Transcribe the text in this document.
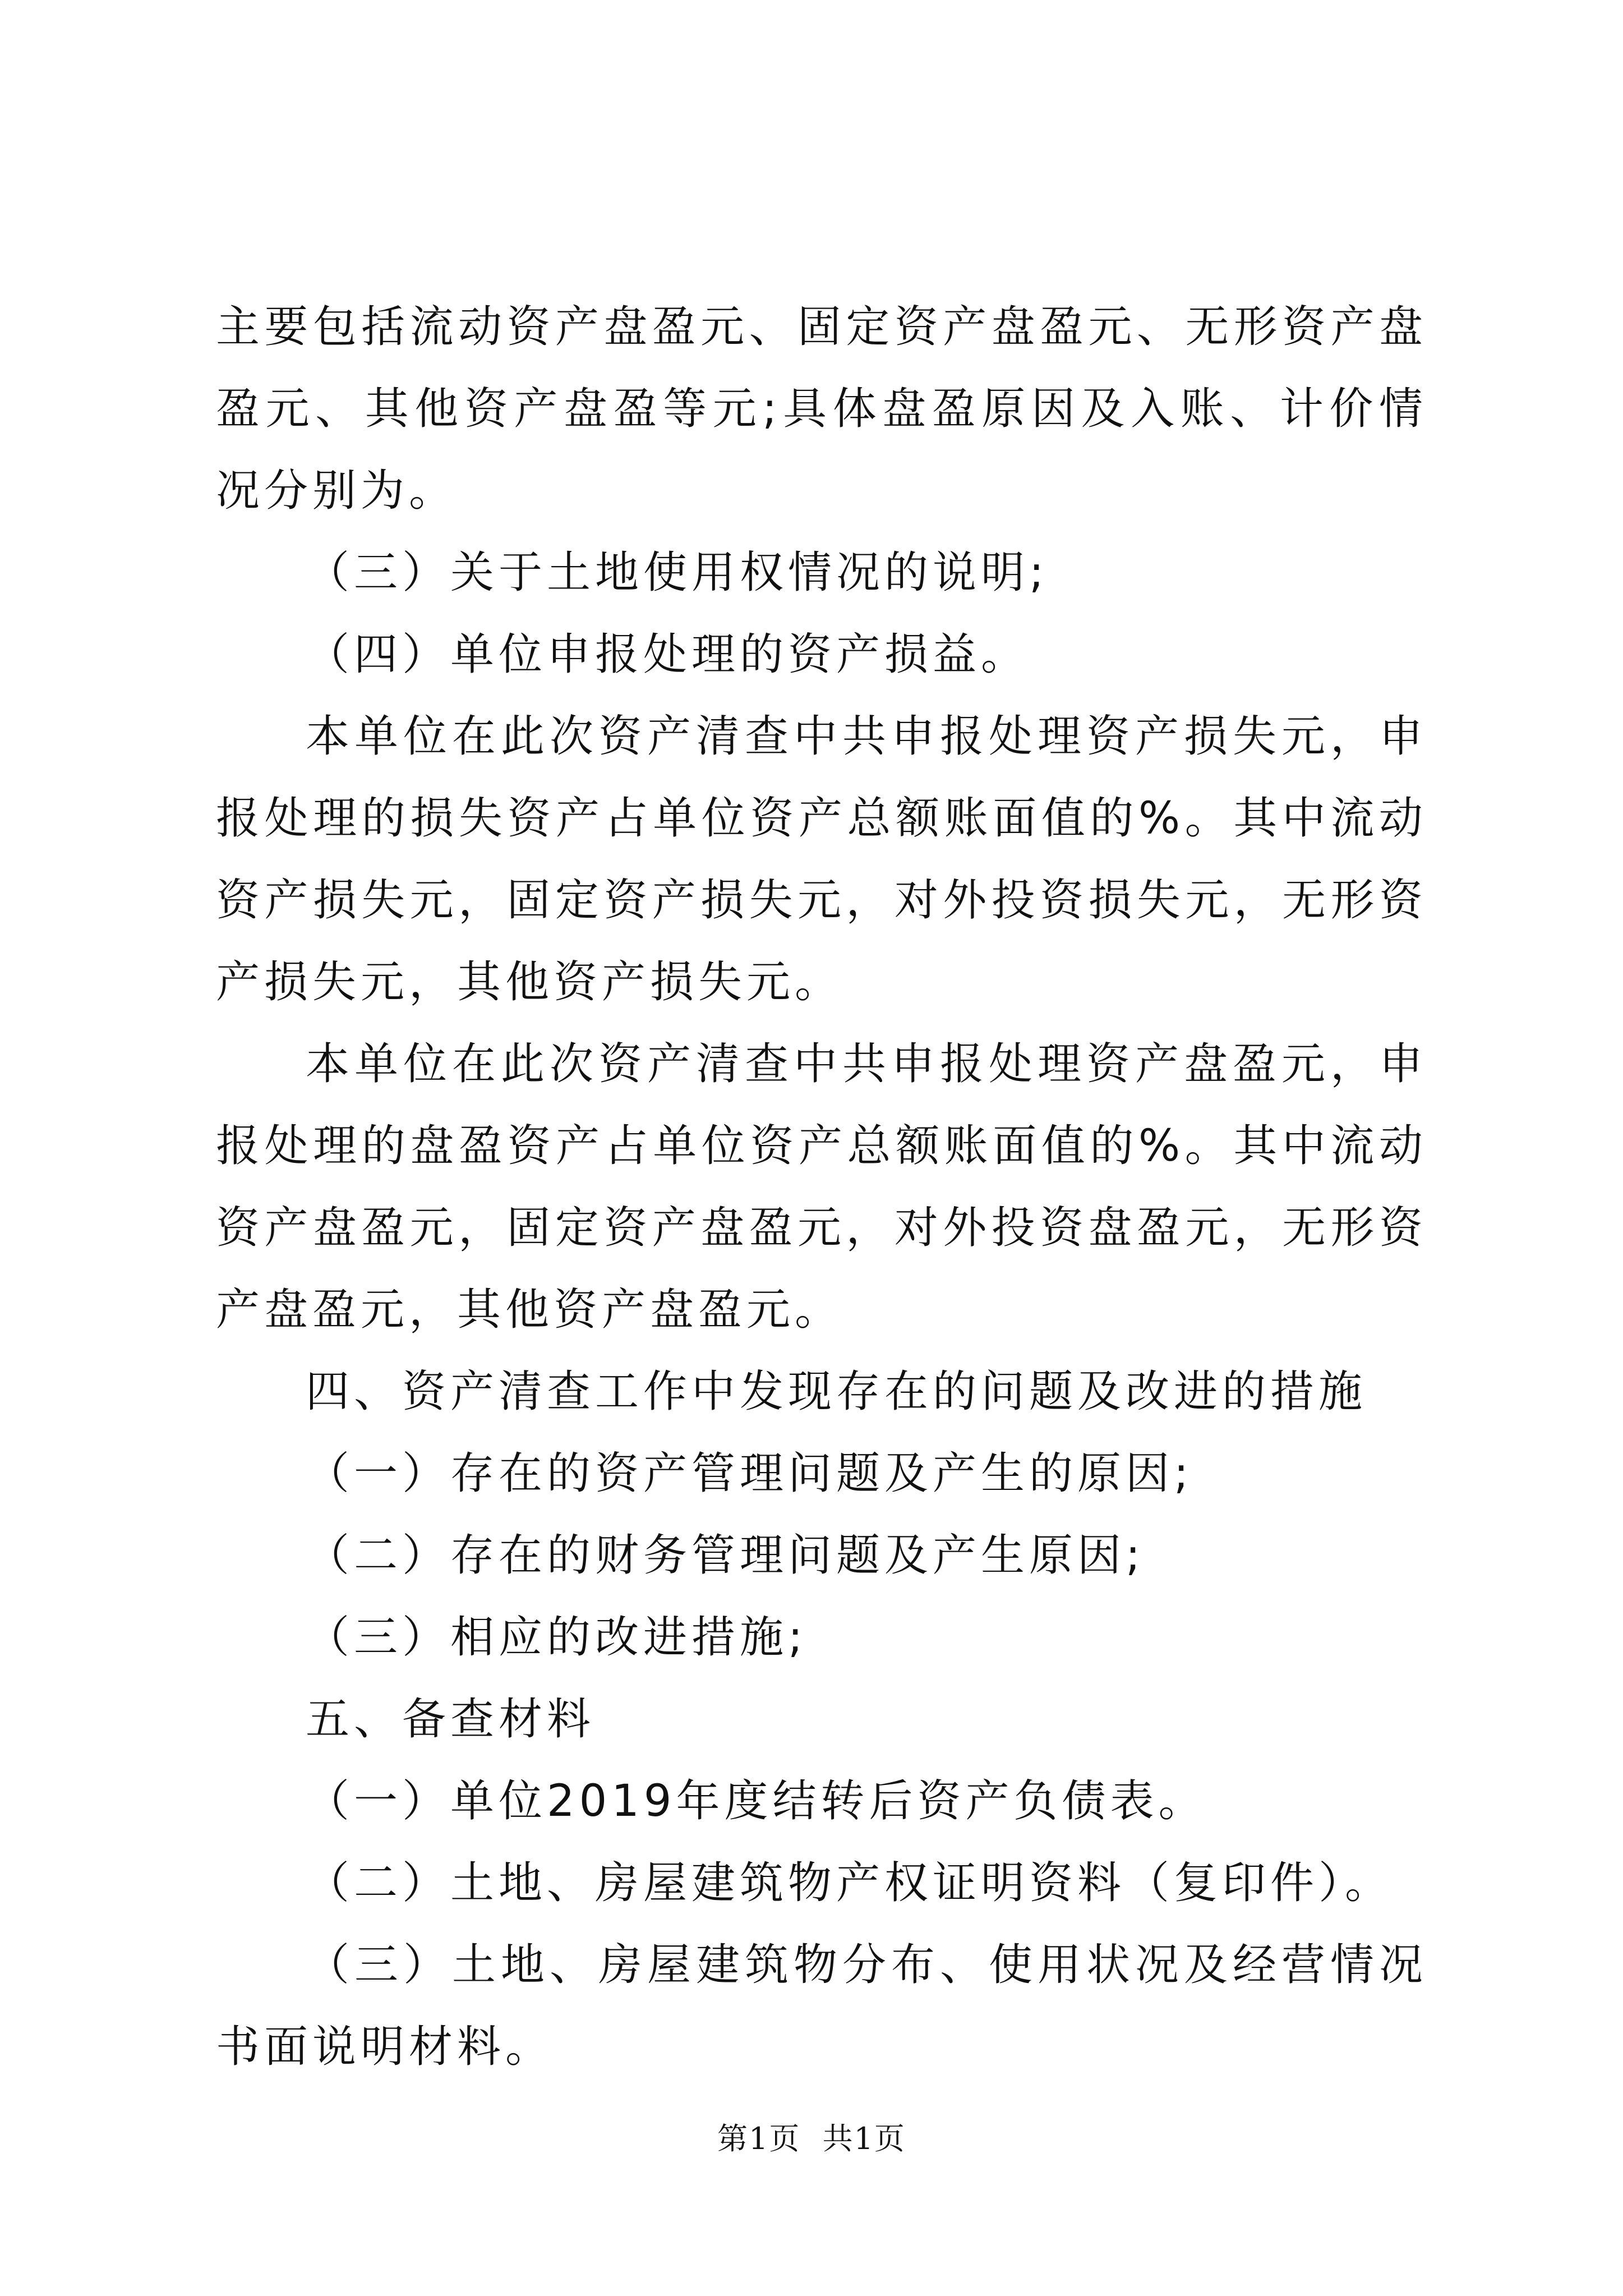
主要包括流动资产盘盈元、固定资产盘盈元、无形资产盘盈元、其他资产盘盈等元;具体盘盈原因及入账、计价情况分别为。

（三）关于土地使用权情况的说明;

（四）单位申报处理的资产损益。

本单位在此次资产清查中共申报处理资产损失元，申报处理的损失资产占单位资产总额账面值的%。其中流动资产损失元，固定资产损失元，对外投资损失元，无形资产损失元，其他资产损失元。

本单位在此次资产清查中共申报处理资产盘盈元，申报处理的盘盈资产占单位资产总额账面值的%。其中流动资产盘盈元，固定资产盘盈元，对外投资盘盈元，无形资产盘盈元，其他资产盘盈元。

四、资产清查工作中发现存在的问题及改进的措施

（一）存在的资产管理问题及产生的原因;

（二）存在的财务管理问题及产生原因;

（三）相应的改进措施;

五、备查材料

（一）单位2019年度结转后资产负债表。

（二）土地、房屋建筑物产权证明资料（复印件）。

（三）土地、房屋建筑物分布、使用状况及经营情况书面说明材料。

第1页 共1页
